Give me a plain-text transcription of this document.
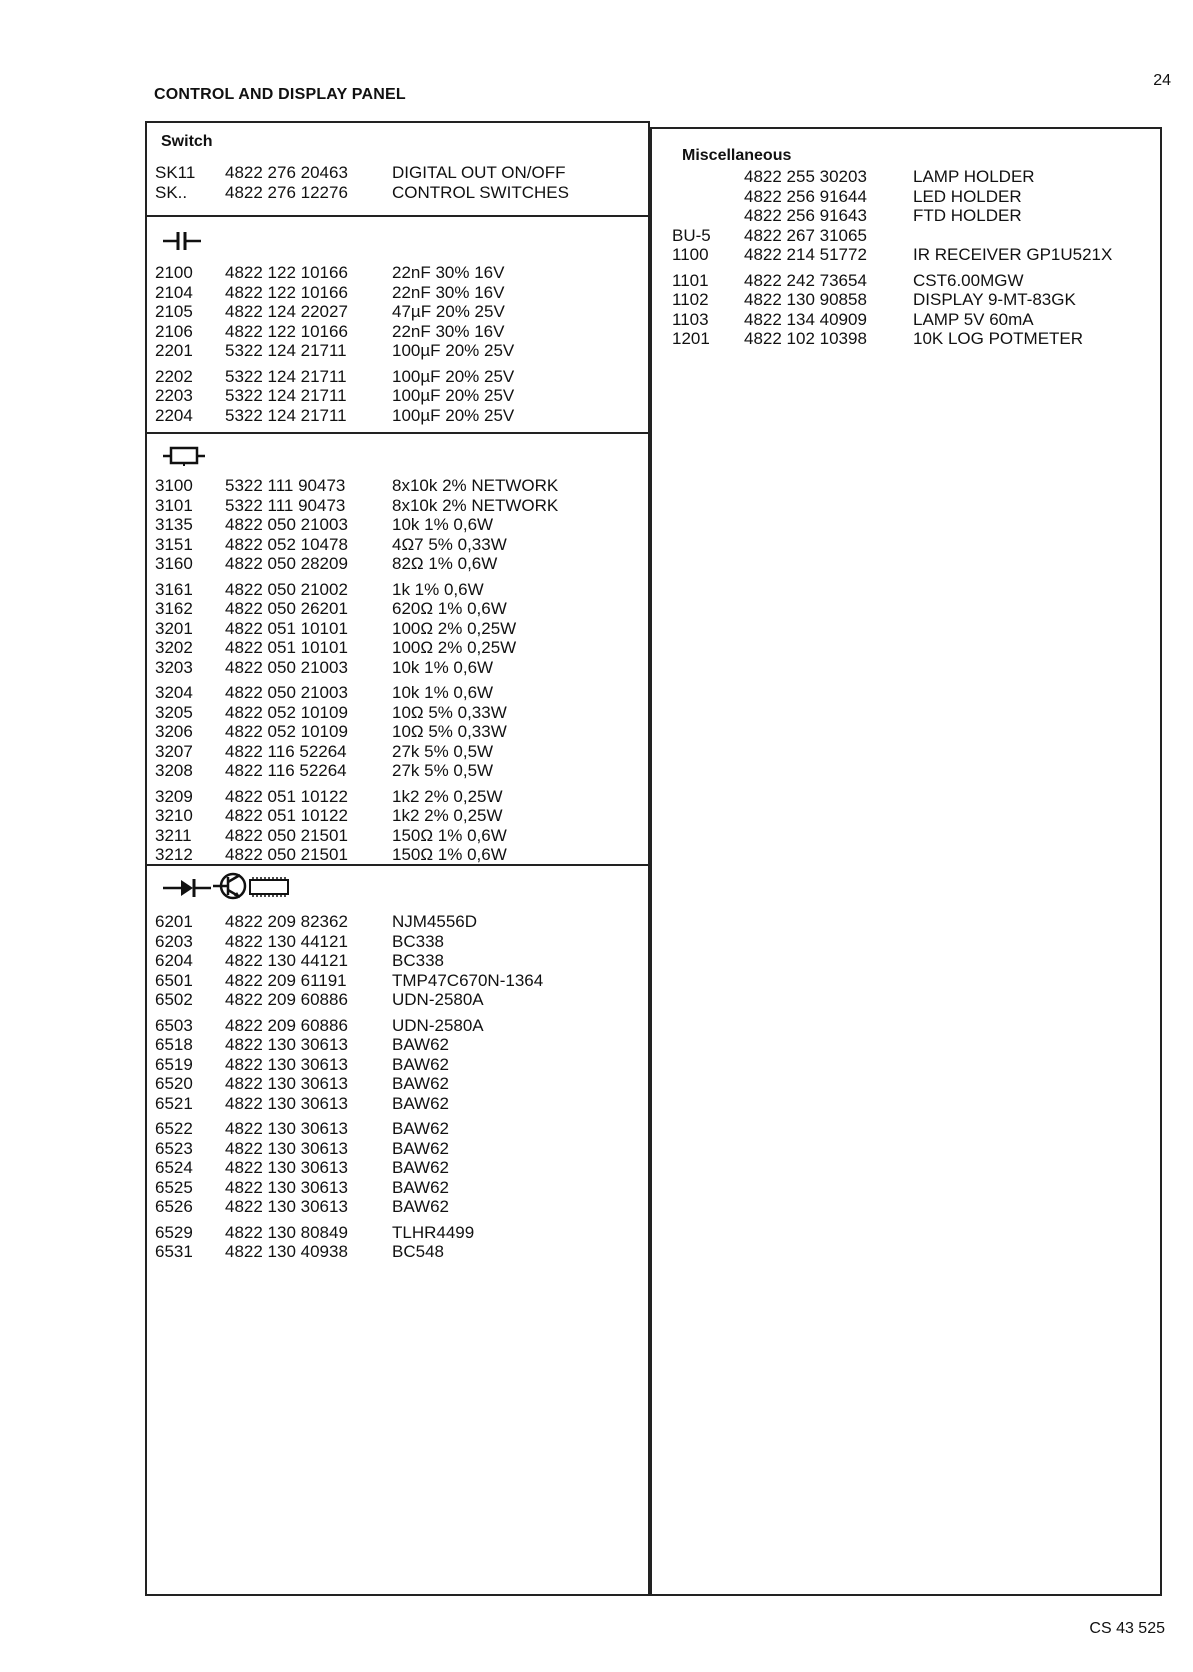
24
CONTROL AND DISPLAY PANEL
Switch
SK11	4822 276 20463	DIGITAL OUT ON/OFF
SK..	4822 276 12276	CONTROL SWITCHES
2100	4822 122 10166	22nF 30% 16V
2104	4822 122 10166	22nF 30% 16V
2105	4822 124 22027	47µF 20% 25V
2106	4822 122 10166	22nF 30% 16V
2201	5322 124 21711	100µF 20% 25V
2202	5322 124 21711	100µF 20% 25V
2203	5322 124 21711	100µF 20% 25V
2204	5322 124 21711	100µF 20% 25V
3100	5322 111 90473	8x10k 2% NETWORK
3101	5322 111 90473	8x10k 2% NETWORK
3135	4822 050 21003	10k 1% 0,6W
3151	4822 052 10478	4Ω7 5% 0,33W
3160	4822 050 28209	82Ω 1% 0,6W
3161	4822 050 21002	1k 1% 0,6W
3162	4822 050 26201	620Ω 1% 0,6W
3201	4822 051 10101	100Ω 2% 0,25W
3202	4822 051 10101	100Ω 2% 0,25W
3203	4822 050 21003	10k 1% 0,6W
3204	4822 050 21003	10k 1% 0,6W
3205	4822 052 10109	10Ω 5% 0,33W
3206	4822 052 10109	10Ω 5% 0,33W
3207	4822 116 52264	27k 5% 0,5W
3208	4822 116 52264	27k 5% 0,5W
3209	4822 051 10122	1k2 2% 0,25W
3210	4822 051 10122	1k2 2% 0,25W
3211	4822 050 21501	150Ω 1% 0,6W
3212	4822 050 21501	150Ω 1% 0,6W
6201	4822 209 82362	NJM4556D
6203	4822 130 44121	BC338
6204	4822 130 44121	BC338
6501	4822 209 61191	TMP47C670N-1364
6502	4822 209 60886	UDN-2580A
6503	4822 209 60886	UDN-2580A
6518	4822 130 30613	BAW62
6519	4822 130 30613	BAW62
6520	4822 130 30613	BAW62
6521	4822 130 30613	BAW62
6522	4822 130 30613	BAW62
6523	4822 130 30613	BAW62
6524	4822 130 30613	BAW62
6525	4822 130 30613	BAW62
6526	4822 130 30613	BAW62
6529	4822 130 80849	TLHR4499
6531	4822 130 40938	BC548
Miscellaneous
4822 255 30203	LAMP HOLDER
4822 256 91644	LED HOLDER
4822 256 91643	FTD HOLDER
BU-5	4822 267 31065
1100	4822 214 51772	IR RECEIVER GP1U521X
1101	4822 242 73654	CST6.00MGW
1102	4822 130 90858	DISPLAY 9-MT-83GK
1103	4822 134 40909	LAMP 5V 60mA
1201	4822 102 10398	10K LOG POTMETER
CS 43 525
